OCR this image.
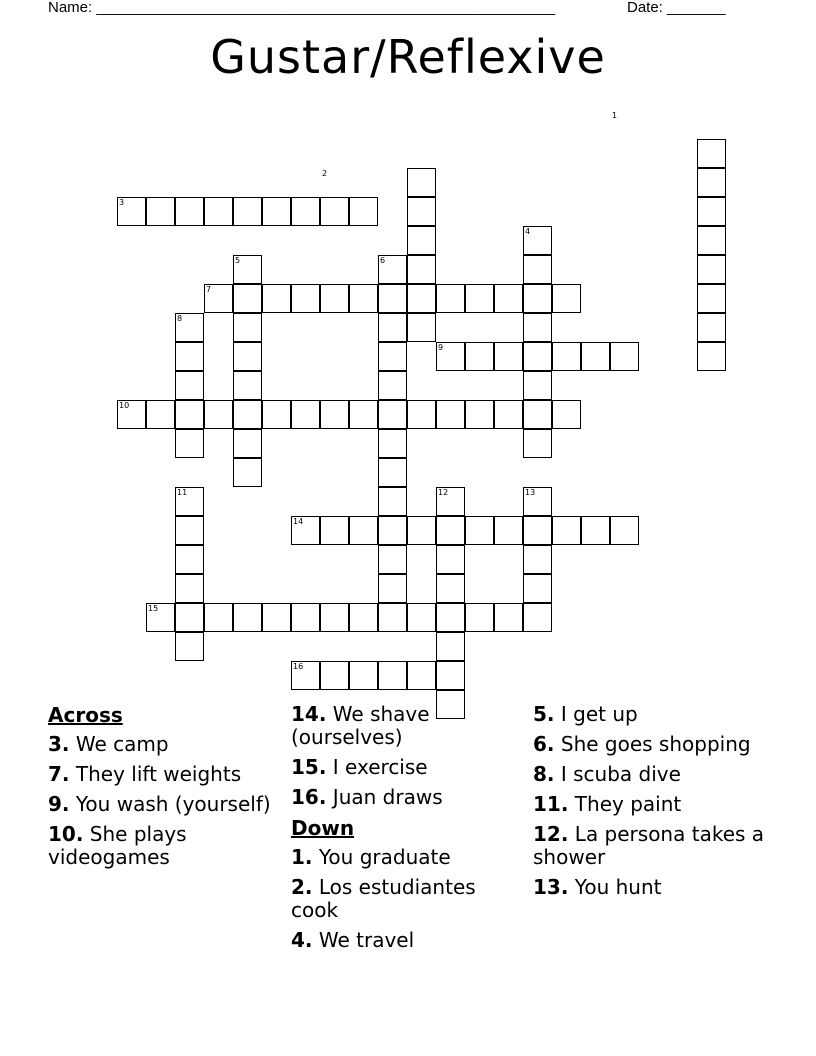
Name: _______________________________________________________	Date: _______
Gustar/Reflexive
1
2
3
4
5	6
7
8
9
10
11	12	13
14
15
16
Across
3. We camp
7. They lift weights
9. You wash (yourself)
10. She plays videogames
14. We shave (ourselves)
15. I exercise
16. Juan draws
Down
1. You graduate
2. Los estudiantes cook
4. We travel
5. I get up
6. She goes shopping
8. I scuba dive
11. They paint
12. La persona takes a shower
13. You hunt
